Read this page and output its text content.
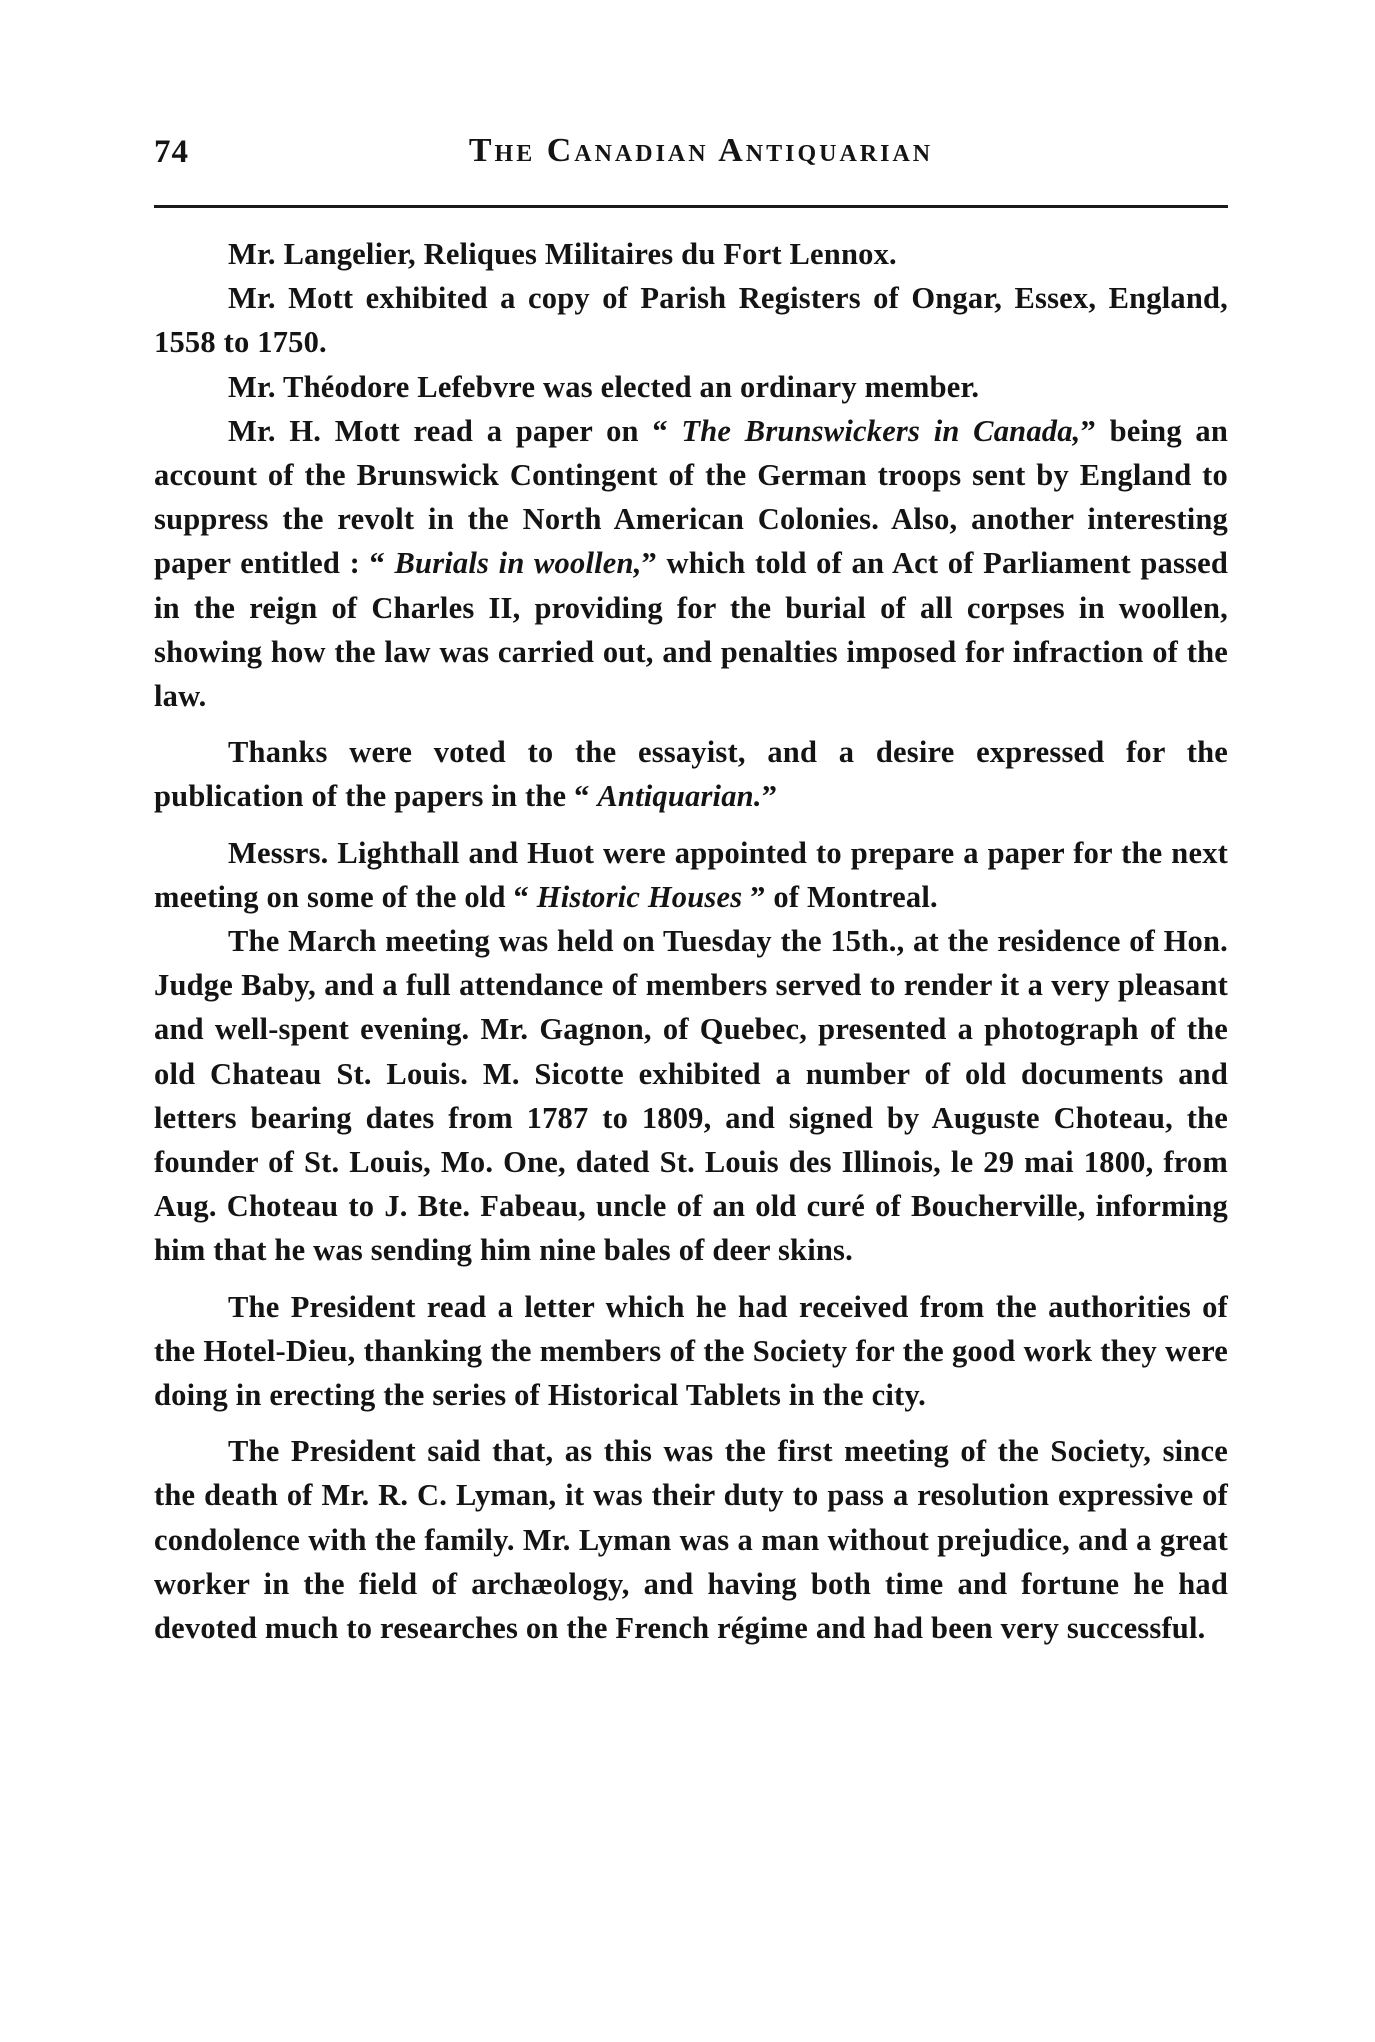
74	The Canadian Antiquarian

Mr. Langelier, Reliques Militaires du Fort Lennox.

Mr. Mott exhibited a copy of Parish Registers of Ongar, Essex, England, 1558 to 1750.

Mr. Théodore Lefebvre was elected an ordinary member.

Mr. H. Mott read a paper on “ The Brunswickers in Canada,” being an account of the Brunswick Contingent of the German troops sent by England to suppress the revolt in the North American Colonies. Also, another interesting paper entitled : “ Burials in woollen,” which told of an Act of Parliament passed in the reign of Charles II, providing for the burial of all corpses in woollen, showing how the law was carried out, and penalties imposed for infraction of the law.

Thanks were voted to the essayist, and a desire expressed for the publication of the papers in the “ Antiquarian.”

Messrs. Lighthall and Huot were appointed to prepare a paper for the next meeting on some of the old “ Historic Houses ” of Montreal.

The March meeting was held on Tuesday the 15th., at the residence of Hon. Judge Baby, and a full attendance of members served to render it a very pleasant and well-spent evening. Mr. Gagnon, of Quebec, presented a photograph of the old Chateau St. Louis. M. Sicotte exhibited a number of old documents and letters bearing dates from 1787 to 1809, and signed by Auguste Choteau, the founder of St. Louis, Mo. One, dated St. Louis des Illinois, le 29 mai 1800, from Aug. Choteau to J. Bte. Fabeau, uncle of an old curé of Boucherville, informing him that he was sending him nine bales of deer skins.

The President read a letter which he had received from the authorities of the Hotel-Dieu, thanking the members of the Society for the good work they were doing in erecting the series of Historical Tablets in the city.

The President said that, as this was the first meeting of the Society, since the death of Mr. R. C. Lyman, it was their duty to pass a resolution expressive of condolence with the family. Mr. Lyman was a man without prejudice, and a great worker in the field of archæology, and having both time and fortune he had devoted much to researches on the French régime and had been very successful.
